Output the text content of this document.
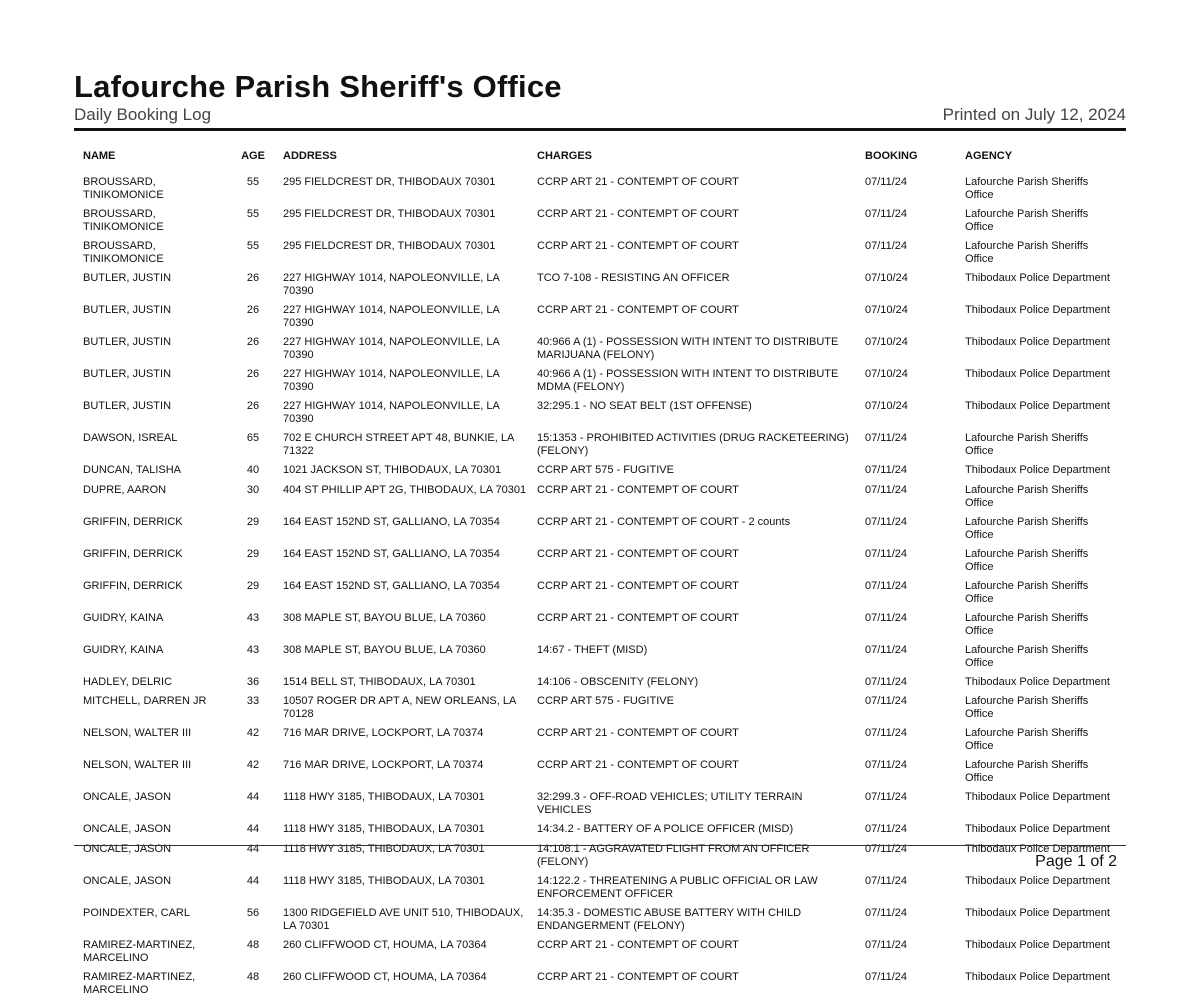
Lafourche Parish Sheriff's Office
Daily Booking Log	Printed on July 12, 2024
NAME	AGE	ADDRESS	CHARGES	BOOKING	AGENCY
BROUSSARD, TINIKOMONICE	55	295 FIELDCREST DR, THIBODAUX 70301	CCRP ART 21 - CONTEMPT OF COURT	07/11/24	Lafourche Parish Sheriffs Office
BROUSSARD, TINIKOMONICE	55	295 FIELDCREST DR, THIBODAUX 70301	CCRP ART 21 - CONTEMPT OF COURT	07/11/24	Lafourche Parish Sheriffs Office
BROUSSARD, TINIKOMONICE	55	295 FIELDCREST DR, THIBODAUX 70301	CCRP ART 21 - CONTEMPT OF COURT	07/11/24	Lafourche Parish Sheriffs Office
BUTLER, JUSTIN	26	227 HIGHWAY 1014, NAPOLEONVILLE, LA 70390	TCO 7-108 - RESISTING AN OFFICER	07/10/24	Thibodaux Police Department
BUTLER, JUSTIN	26	227 HIGHWAY 1014, NAPOLEONVILLE, LA 70390	CCRP ART 21 - CONTEMPT OF COURT	07/10/24	Thibodaux Police Department
BUTLER, JUSTIN	26	227 HIGHWAY 1014, NAPOLEONVILLE, LA 70390	40:966 A (1) - POSSESSION WITH INTENT TO DISTRIBUTE MARIJUANA (FELONY)	07/10/24	Thibodaux Police Department
BUTLER, JUSTIN	26	227 HIGHWAY 1014, NAPOLEONVILLE, LA 70390	40:966 A (1) - POSSESSION WITH INTENT TO DISTRIBUTE MDMA (FELONY)	07/10/24	Thibodaux Police Department
BUTLER, JUSTIN	26	227 HIGHWAY 1014, NAPOLEONVILLE, LA 70390	32:295.1 - NO SEAT BELT (1ST OFFENSE)	07/10/24	Thibodaux Police Department
DAWSON, ISREAL	65	702 E CHURCH STREET APT 48, BUNKIE, LA 71322	15:1353 - PROHIBITED ACTIVITIES (DRUG RACKETEERING) (FELONY)	07/11/24	Lafourche Parish Sheriffs Office
DUNCAN, TALISHA	40	1021 JACKSON ST, THIBODAUX, LA 70301	CCRP ART 575 - FUGITIVE	07/11/24	Thibodaux Police Department
DUPRE, AARON	30	404 ST PHILLIP APT 2G, THIBODAUX, LA 70301	CCRP ART 21 - CONTEMPT OF COURT	07/11/24	Lafourche Parish Sheriffs Office
GRIFFIN, DERRICK	29	164 EAST 152ND ST, GALLIANO, LA 70354	CCRP ART 21 - CONTEMPT OF COURT - 2 counts	07/11/24	Lafourche Parish Sheriffs Office
GRIFFIN, DERRICK	29	164 EAST 152ND ST, GALLIANO, LA 70354	CCRP ART 21 - CONTEMPT OF COURT	07/11/24	Lafourche Parish Sheriffs Office
GRIFFIN, DERRICK	29	164 EAST 152ND ST, GALLIANO, LA 70354	CCRP ART 21 - CONTEMPT OF COURT	07/11/24	Lafourche Parish Sheriffs Office
GUIDRY, KAINA	43	308 MAPLE ST, BAYOU BLUE, LA 70360	CCRP ART 21 - CONTEMPT OF COURT	07/11/24	Lafourche Parish Sheriffs Office
GUIDRY, KAINA	43	308 MAPLE ST, BAYOU BLUE, LA 70360	14:67 - THEFT (MISD)	07/11/24	Lafourche Parish Sheriffs Office
HADLEY, DELRIC	36	1514 BELL ST, THIBODAUX, LA 70301	14:106 - OBSCENITY (FELONY)	07/11/24	Thibodaux Police Department
MITCHELL, DARREN JR	33	10507 ROGER DR APT A, NEW ORLEANS, LA 70128	CCRP ART 575 - FUGITIVE	07/11/24	Lafourche Parish Sheriffs Office
NELSON, WALTER III	42	716 MAR DRIVE, LOCKPORT, LA 70374	CCRP ART 21 - CONTEMPT OF COURT	07/11/24	Lafourche Parish Sheriffs Office
NELSON, WALTER III	42	716 MAR DRIVE, LOCKPORT, LA 70374	CCRP ART 21 - CONTEMPT OF COURT	07/11/24	Lafourche Parish Sheriffs Office
ONCALE, JASON	44	1118 HWY 3185, THIBODAUX, LA 70301	32:299.3 - OFF-ROAD VEHICLES; UTILITY TERRAIN VEHICLES	07/11/24	Thibodaux Police Department
ONCALE, JASON	44	1118 HWY 3185, THIBODAUX, LA 70301	14:34.2 - BATTERY OF A POLICE OFFICER (MISD)	07/11/24	Thibodaux Police Department
ONCALE, JASON	44	1118 HWY 3185, THIBODAUX, LA 70301	14:108.1 - AGGRAVATED FLIGHT FROM AN OFFICER (FELONY)	07/11/24	Thibodaux Police Department
ONCALE, JASON	44	1118 HWY 3185, THIBODAUX, LA 70301	14:122.2 - THREATENING A PUBLIC OFFICIAL OR LAW ENFORCEMENT OFFICER	07/11/24	Thibodaux Police Department
POINDEXTER, CARL	56	1300 RIDGEFIELD AVE UNIT 510, THIBODAUX, LA 70301	14:35.3 - DOMESTIC ABUSE BATTERY WITH CHILD ENDANGERMENT (FELONY)	07/11/24	Thibodaux Police Department
RAMIREZ-MARTINEZ, MARCELINO	48	260 CLIFFWOOD CT, HOUMA, LA 70364	CCRP ART 21 - CONTEMPT OF COURT	07/11/24	Thibodaux Police Department
RAMIREZ-MARTINEZ, MARCELINO	48	260 CLIFFWOOD CT, HOUMA, LA 70364	CCRP ART 21 - CONTEMPT OF COURT	07/11/24	Thibodaux Police Department
Page 1 of 2
